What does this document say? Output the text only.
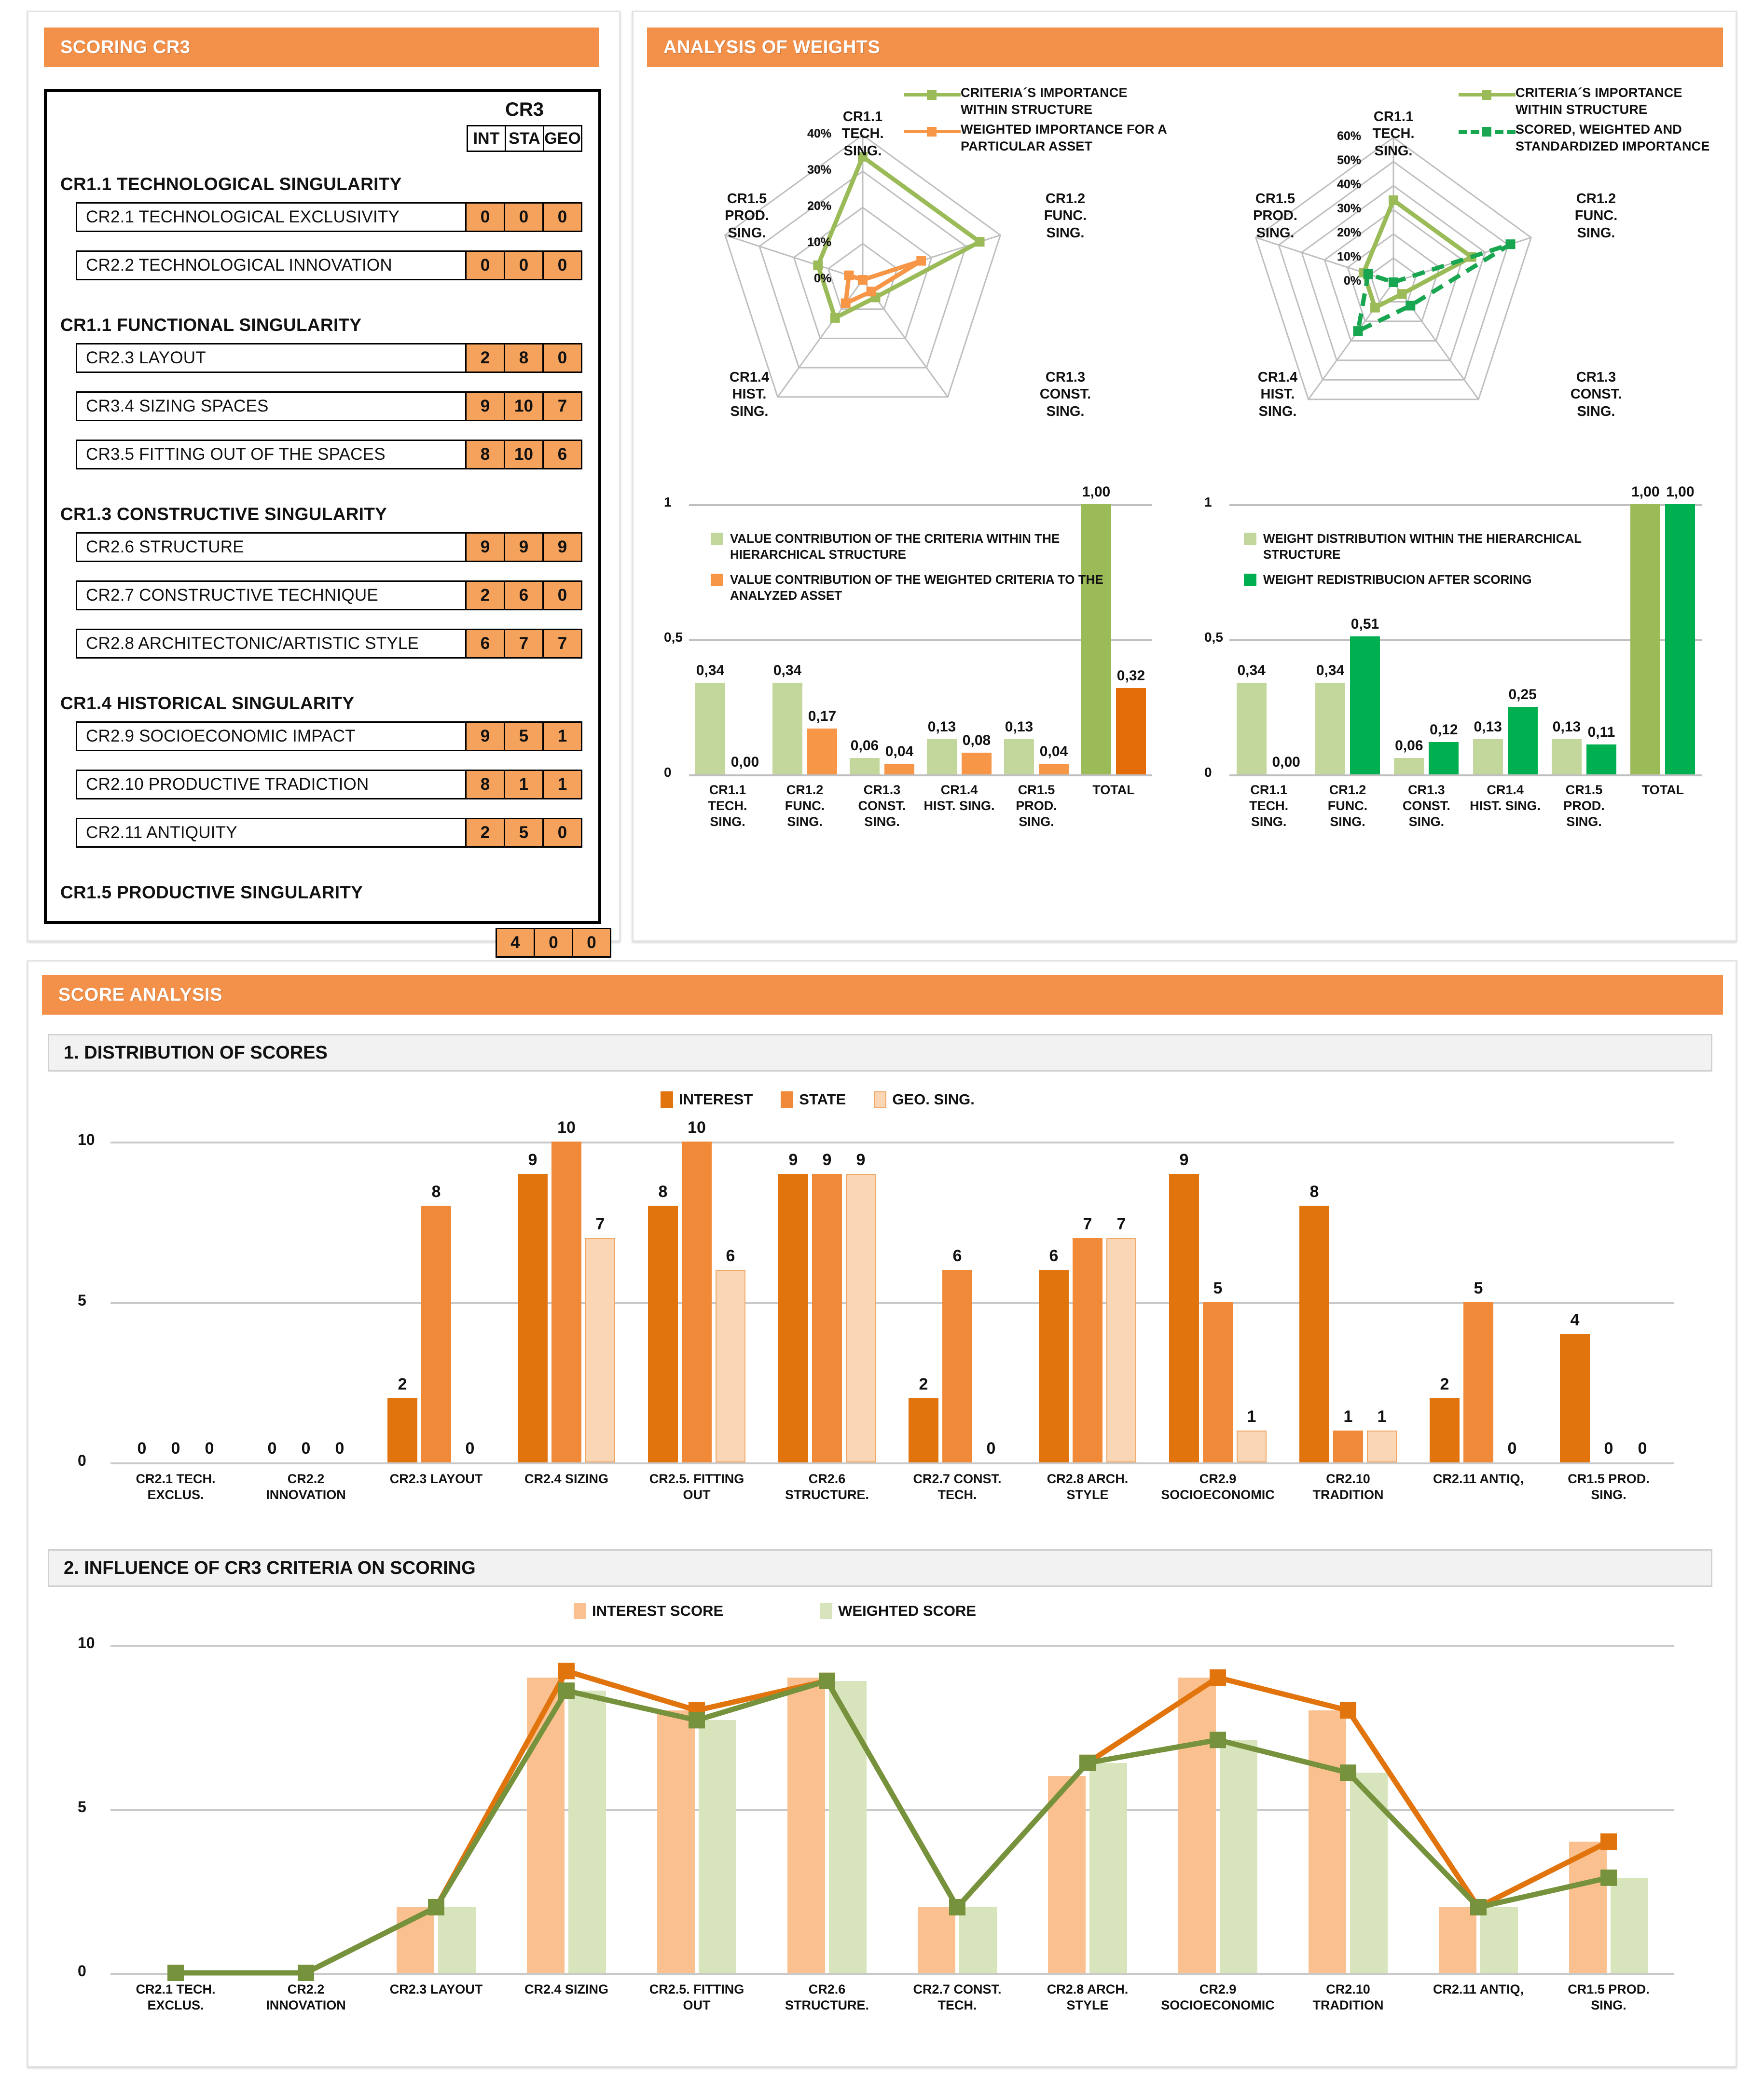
SCORING CR3
CR3
INT STA GEO
CR1.1 TECHNOLOGICAL SINGULARITY
CR2.1 TECHNOLOGICAL EXCLUSIVITY	0	0	0
CR2.2 TECHNOLOGICAL INNOVATION	0	0	0
CR1.1 FUNCTIONAL SINGULARITY
CR2.3 LAYOUT	2	8	0
CR3.4 SIZING SPACES	9	10	7
CR3.5 FITTING OUT OF THE SPACES	8	10	6
CR1.3 CONSTRUCTIVE SINGULARITY
CR2.6 STRUCTURE	9	9	9
CR2.7 CONSTRUCTIVE TECHNIQUE	2	6	0
CR2.8 ARCHITECTONIC/ARTISTIC STYLE	6	7	7
CR1.4 HISTORICAL SINGULARITY
CR2.9 SOCIOECONOMIC IMPACT	9	5	1
CR2.10 PRODUCTIVE TRADICTION	8	1	1
CR2.11 ANTIQUITY	2	5	0
CR1.5 PRODUCTIVE SINGULARITY
4	0	0
ANALYSIS OF WEIGHTS
CR1.1
TECH.
SING.
CR1.2
FUNC.
SING.
CR1.3
CONST.
SING.
CR1.4
HIST.
SING.
CR1.5
PROD.
SING.
0%
10%
20%
30%
40%
CRITERIA´S IMPORTANCE WITHIN STRUCTURE
WEIGHTED IMPORTANCE FOR A PARTICULAR ASSET
CR1.1
TECH.
SING.
CR1.2
FUNC.
SING.
CR1.3
CONST.
SING.
CR1.4
HIST.
SING.
CR1.5
PROD.
SING.
0%
10%
20%
30%
40%
50%
60%
CRITERIA´S IMPORTANCE WITHIN STRUCTURE
SCORED, WEIGHTED AND STANDARDIZED IMPORTANCE
0
0,5
1
0,34
0,00
CR1.1
TECH.
SING.
0,34
0,17
CR1.2
FUNC.
SING.
0,06 0,04
CR1.3
CONST.
SING.
0,13
0,08
CR1.4
HIST. SING.
0,13
0,04
CR1.5
PROD.
SING.
1,00
0,32
TOTAL
VALUE CONTRIBUTION OF THE CRITERIA WITHIN THE HIERARCHICAL STRUCTURE
VALUE CONTRIBUTION OF THE WEIGHTED CRITERIA TO THE ANALYZED ASSET
0
0,5
1
0,34
0,00
CR1.1
TECH.
SING.
0,34
0,51
CR1.2
FUNC.
SING.
0,06
0,12
CR1.3
CONST.
SING.
0,13
0,25
CR1.4
HIST. SING.
0,13 0,11
CR1.5
PROD.
SING.
1,00 1,00
TOTAL
WEIGHT DISTRIBUTION WITHIN THE HIERARCHICAL STRUCTURE
WEIGHT REDISTRIBUCION AFTER SCORING
SCORE ANALYSIS
1. DISTRIBUTION OF SCORES
0
5
10
0	0	0
CR2.1 TECH.
EXCLUS.
0	0	0
CR2.2
INNOVATION
2
8
0
CR2.3 LAYOUT
9
10
7
CR2.4 SIZING
8
10
6
CR2.5. FITTING
OUT
9	9	9
CR2.6
STRUCTURE.
2
6
0
CR2.7 CONST.
TECH.
6
7	7
CR2.8 ARCH.
STYLE
9
5
1
CR2.9
SOCIOECONOMIC
8
1	1
CR2.10
TRADITION
2
5
0
CR2.11 ANTIQ,
4
0	0
CR1.5 PROD.
SING.
INTEREST	STATE	GEO. SING.
2. INFLUENCE OF CR3 CRITERIA ON SCORING
0
5
10
CR2.1 TECH.
EXCLUS.
CR2.2
INNOVATION
CR2.3 LAYOUT	CR2.4 SIZING	CR2.5. FITTING
OUT
CR2.6
STRUCTURE.
CR2.7 CONST.
TECH.
CR2.8 ARCH.
STYLE
CR2.9
SOCIOECONOMIC
CR2.10
TRADITION
CR2.11 ANTIQ,	CR1.5 PROD.
SING.
INTEREST SCORE	WEIGHTED SCORE
